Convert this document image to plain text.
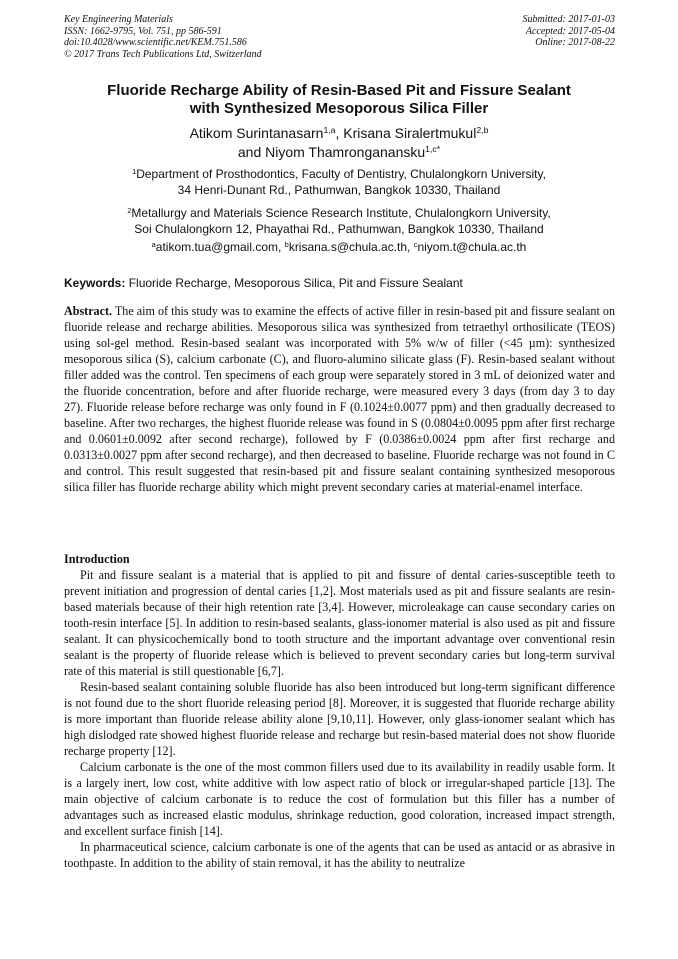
Key Engineering Materials
ISSN: 1662-9795, Vol. 751, pp 586-591
doi:10.4028/www.scientific.net/KEM.751.586
© 2017 Trans Tech Publications Ltd, Switzerland
Submitted: 2017-01-03
Accepted: 2017-05-04
Online: 2017-08-22
Fluoride Recharge Ability of Resin-Based Pit and Fissure Sealant
with Synthesized Mesoporous Silica Filler
Atikom Surintanasarn$^{1,a}$, Krisana Siralertmukul$^{2,b}$
and Niyom Thamronganansku$^{1,c*}$
$^1$Department of Prosthodontics, Faculty of Dentistry, Chulalongkorn University,
34 Henri-Dunant Rd., Pathumwan, Bangkok 10330, Thailand
$^2$Metallurgy and Materials Science Research Institute, Chulalongkorn University,
Soi Chulalongkorn 12, Phayathai Rd., Pathumwan, Bangkok 10330, Thailand
$^a$atikom.tua@gmail.com, $^b$krisana.s@chula.ac.th, $^c$niyom.t@chula.ac.th
Keywords: Fluoride Recharge, Mesoporous Silica, Pit and Fissure Sealant
Abstract. The aim of this study was to examine the effects of active filler in resin-based pit and fissure sealant on fluoride release and recharge abilities. Mesoporous silica was synthesized from tetraethyl orthosilicate (TEOS) using sol-gel method. Resin-based sealant was incorporated with 5% w/w of filler (<45 µm): synthesized mesoporous silica (S), calcium carbonate (C), and fluoro-alumino silicate glass (F). Resin-based sealant without filler added was the control. Ten specimens of each group were separately stored in 3 mL of deionized water and the fluoride concentration, before and after fluoride recharge, were measured every 3 days (from day 3 to day 27). Fluoride release before recharge was only found in F (0.1024±0.0077 ppm) and then gradually decreased to baseline. After two recharges, the highest fluoride release was found in S (0.0804±0.0095 ppm after first recharge and 0.0601±0.0092 after second recharge), followed by F (0.0386±0.0024 ppm after first recharge and 0.0313±0.0027 ppm after second recharge), and then decreased to baseline. Fluoride recharge was not found in C and control. This result suggested that resin-based pit and fissure sealant containing synthesized mesoporous silica filler has fluoride recharge ability which might prevent secondary caries at material-enamel interface.
Introduction

Pit and fissure sealant is a material that is applied to pit and fissure of dental caries-susceptible teeth to prevent initiation and progression of dental caries [1,2]. Most materials used as pit and fissure sealants are resin-based materials because of their high retention rate [3,4]. However, microleakage can cause secondary caries on tooth-resin interface [5]. In addition to resin-based sealants, glass-ionomer material is also used as pit and fissure sealant. It can physicochemically bond to tooth structure and the important advantage over conventional resin sealant is the property of fluoride release which is believed to prevent secondary caries but long-term survival rate of this material is still questionable [6,7].

Resin-based sealant containing soluble fluoride has also been introduced but long-term significant difference is not found due to the short fluoride releasing period [8]. Moreover, it is suggested that fluoride recharge ability is more important than fluoride release ability alone [9,10,11]. However, only glass-ionomer sealant which has high dislodged rate showed highest fluoride release and recharge but resin-based material does not show fluoride recharge property [12].

Calcium carbonate is the one of the most common fillers used due to its availability in readily usable form. It is a largely inert, low cost, white additive with low aspect ratio of block or irregular-shaped particle [13]. The main objective of calcium carbonate is to reduce the cost of formulation but this filler has a number of advantages such as increased elastic modulus, shrinkage reduction, good coloration, increased impact strength, and excellent surface finish [14].

In pharmaceutical science, calcium carbonate is one of the agents that can be used as antacid or as abrasive in toothpaste. In addition to the ability of stain removal, it has the ability to neutralize
